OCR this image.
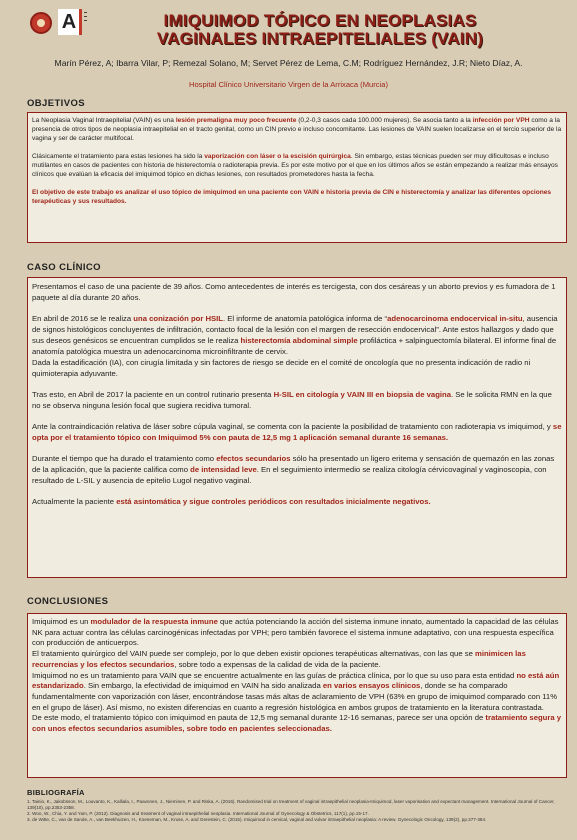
A	▬
▬
▬	IMIQUIMOD TÓPICO EN NEOPLASIAS
VAGINALES INTRAEPITELIALES (VAIN)
Marín Pérez, A; Ibarra Vilar, P; Remezal Solano, M; Servet Pérez de Lema, C.M; Rodríguez Hernández, J.R; Nieto Díaz, A.
Hospital Clínico Universitario Virgen de la Arrixaca (Murcia)
OBJETIVOS

La Neoplasia Vaginal Intraepitelial (VAIN) es una lesión premaligna muy poco frecuente (0,2-0,3 casos cada 100.000 mujeres). Se asocia tanto a la infección por VPH como a la presencia de otros tipos de neoplasia intraepitelial en el tracto genital, como un CIN previo e incluso concomitante. Las lesiones de VAIN suelen localizarse en el tercio superior de la vagina y ser de carácter multifocal.

Clásicamente el tratamiento para estas lesiones ha sido la vaporización con láser o la escisión quirúrgica. Sin embargo, estas técnicas pueden ser muy dificultosas e incluso mutilantes en casos de pacientes con historia de histerectomía o radioterapia previa. Es por este motivo por el que en los últimos años se están empezando a realizar más ensayos clínicos que evalúan la eficacia del imiquimod tópico en dichas lesiones, con resultados prometedores hasta la fecha.

El objetivo de este trabajo es analizar el uso tópico de imiquimod en una paciente con VAIN e historia previa de CIN e histerectomía y analizar las diferentes opciones terapéuticas y sus resultados.

CASO CLÍNICO

Presentamos el caso de una paciente de 39 años. Como antecedentes de interés es tercigesta, con dos cesáreas y un aborto previos y es fumadora de 1 paquete al día durante 20 años.

En abril de 2016 se le realiza una conización por HSIL. El informe de anatomía patológica informa de “adenocarcinoma endocervical in-situ, ausencia de signos histológicos concluyentes de infiltración, contacto focal de la lesión con el margen de resección endocervical”. Ante estos hallazgos y dado que sus deseos genésicos se encuentran cumplidos se le realiza histerectomía abdominal simple profiláctica + salpinguectomía bilateral. El informe final de anatomía patológica muestra un adenocarcinoma microinfiltrante de cervix.

Dada la estadificación (IA), con cirugía limitada y sin factores de riesgo se decide en el comité de oncología que no presenta indicación de radio ni quimioterapia adyuvante.

Tras esto, en Abril de 2017 la paciente en un control rutinario presenta H-SIL en citología y VAIN III en biopsia de vagina. Se le solicita RMN en la que no se observa ninguna lesión focal que sugiera recidiva tumoral.

Ante la contraindicación relativa de láser sobre cúpula vaginal, se comenta con la paciente la posibilidad de tratamiento con radioterapia vs imiquimod, y se opta por el tratamiento tópico con Imiquimod 5% con pauta de 12,5 mg 1 aplicación semanal durante 16 semanas.

Durante el tiempo que ha durado el tratamiento como efectos secundarios sólo ha presentado un ligero eritema y sensación de quemazón en las zonas de la aplicación, que la paciente califica como de intensidad leve. En el seguimiento intermedio se realiza citología cérvicovaginal y vaginoscopia, con resultado de L-SIL y ausencia de epitelio Lugol negativo vaginal.

Actualmente la paciente está asintomática y sigue controles periódicos con resultados inicialmente negativos.

CONCLUSIONES

Imiquimod es un modulador de la respuesta inmune que actúa potenciando la acción del sistema inmune innato, aumentado la capacidad de las células NK para actuar contra las células carcinogénicas infectadas por VPH; pero también favorece el sistema inmune adaptativo, con una respuesta específica con producción de anticuerpos.

El tratamiento quirúrgico del VAIN puede ser complejo, por lo que deben existir opciones terapéuticas alternativas, con las que se minimicen las recurrencias y los efectos secundarios, sobre todo a expensas de la calidad de vida de la paciente.

Imiquimod no es un tratamiento para VAIN que se encuentre actualmente en las guías de práctica clínica, por lo que su uso para esta entidad no está aún estandarizado. Sin embargo, la efectividad de imiquimod en VAIN ha sido analizada en varios ensayos clínicos, donde se ha comparado fundamentalmente con vaporización con láser, encontrándose tasas más altas de aclaramiento de VPH (63% en grupo de imiquimod comparado con 11% en el grupo de láser). Así mismo, no existen diferencias en cuanto a regresión histológica en ambos grupos de tratamiento en la literatura contrastada.

De este modo, el tratamiento tópico con imiquimod en pauta de 12,5 mg semanal durante 12-16 semanas, parece ser una opción de tratamiento segura y con unos efectos secundarios asumibles, sobre todo en pacientes seleccionadas.

BIBLIOGRAFÍA
1. Tainio, K., Jakobsson, M., Louvanto, K., Kalliala, I., Paavonen, J., Nieminen, P. and Riska, A. (2016). Randomised trial on treatment of vaginal intraepithelial neoplasia-Imiquimod, laser vaporisation and expectant management. International Journal of Cancer, 139(10), pp.2353-2358.
2. Woo, W., Chia, Y. and Yam, P. (2012). Diagnosis and treatment of vaginal intraepithelial neoplasia. International Journal of Gynecology & Obstetrics, 117(1), pp.15-17.
3. de Witte, C., van de Sande, A., van Beekhuizen, H., Koeneman, M., Kruse, A. and Gerestein, C. (2015). Imiquimod in cervical, vaginal and vulvar intraepithelial neoplasia: A review. Gynecologic Oncology, 139(2), pp.377-384.
